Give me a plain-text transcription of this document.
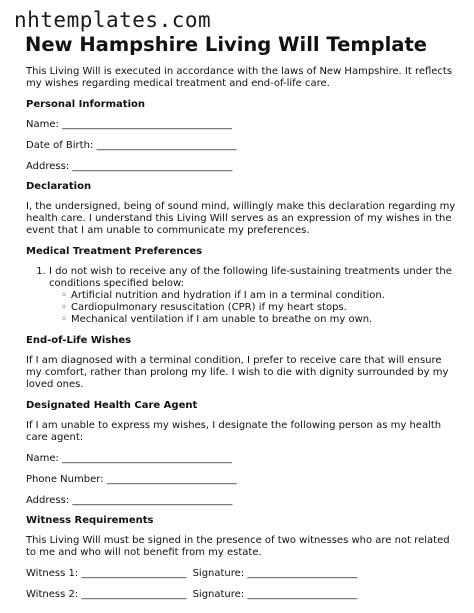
nhtemplates.com
New Hampshire Living Will Template

This Living Will is executed in accordance with the laws of New Hampshire. It reflects my wishes regarding medical treatment and end-of-life care.

Personal Information
Name: __________________________________
Date of Birth: ____________________________
Address: ________________________________
Declaration

I, the undersigned, being of sound mind, willingly make this declaration regarding my health care. I understand this Living Will serves as an expression of my wishes in the event that I am unable to communicate my preferences.

Medical Treatment Preferences
1. I do not wish to receive any of the following life-sustaining treatments under the conditions specified below:
◦ Artificial nutrition and hydration if I am in a terminal condition.
◦ Cardiopulmonary resuscitation (CPR) if my heart stops.
◦ Mechanical ventilation if I am unable to breathe on my own.
End-of-Life Wishes

If I am diagnosed with a terminal condition, I prefer to receive care that will ensure my comfort, rather than prolong my life. I wish to die with dignity surrounded by my loved ones.

Designated Health Care Agent

If I am unable to express my wishes, I designate the following person as my health care agent:

Name: __________________________________
Phone Number: __________________________
Address: ________________________________
Witness Requirements

This Living Will must be signed in the presence of two witnesses who are not related to me and who will not benefit from my estate.

Witness 1: _____________________ Signature: ______________________
Witness 2: _____________________ Signature: ______________________
